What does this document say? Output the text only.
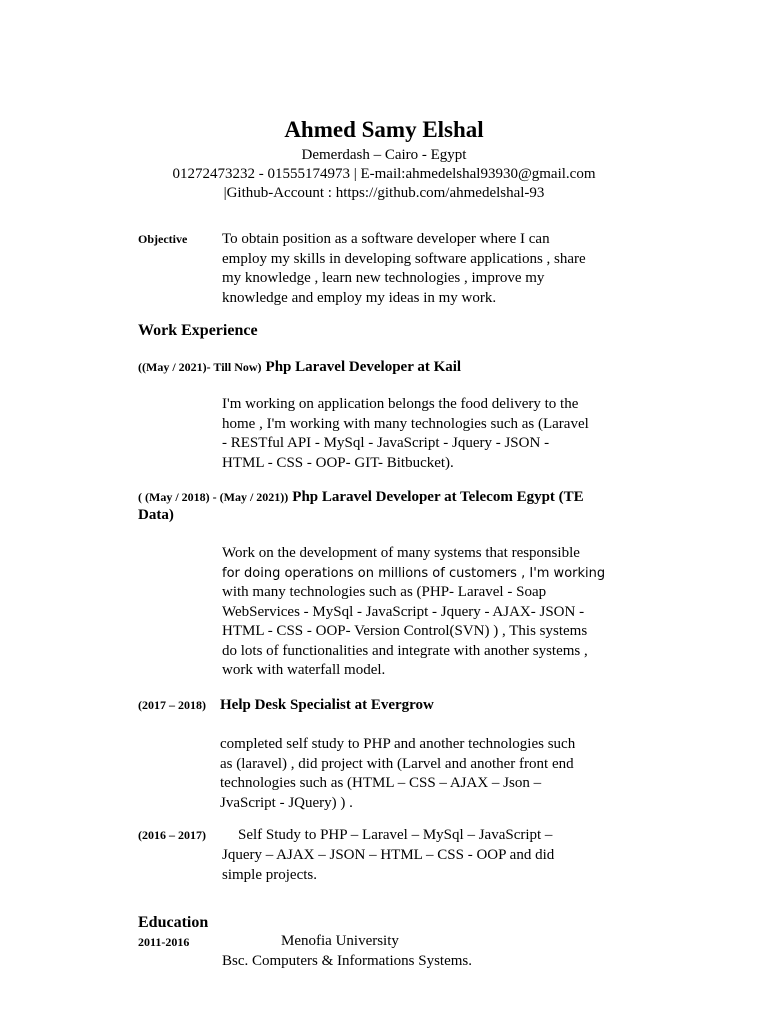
Ahmed Samy Elshal
Demerdash – Cairo - Egypt
01272473232 - 01555174973 | E-mail:ahmedelshal93930@gmail.com
|Github-Account : https://github.com/ahmedelshal-93
Objective To obtain position as a software developer where I can
employ my skills in developing software applications , share
my knowledge , learn new technologies , improve my
knowledge and employ my ideas in my work.
Work Experience
((May / 2021)- Till Now) Php Laravel Developer at Kail
I'm working on application belongs the food delivery to the
home , I'm working with many technologies such as (Laravel
- RESTful API - MySql - JavaScript - Jquery - JSON -
HTML - CSS - OOP- GIT- Bitbucket).
( (May / 2018) - (May / 2021)) Php Laravel Developer at Telecom Egypt (TE
Data)
Work on the development of many systems that responsible
for doing operations on millions of customers , I'm working
with many technologies such as (PHP- Laravel - Soap
WebServices - MySql - JavaScript - Jquery - AJAX- JSON -
HTML - CSS - OOP- Version Control(SVN) ) , This systems
do lots of functionalities and integrate with another systems ,
work with waterfall model.
(2017 – 2018) Help Desk Specialist at Evergrow
completed self study to PHP and another technologies such
as (laravel) , did project with (Larvel and another front end
technologies such as (HTML – CSS – AJAX – Json –
JvaScript - JQuery) ) .
(2016 – 2017) Self Study to PHP – Laravel – MySql – JavaScript –
Jquery – AJAX – JSON – HTML – CSS - OOP and did
simple projects.
Education
2011-2016	Menofia University
Bsc. Computers & Informations Systems.
